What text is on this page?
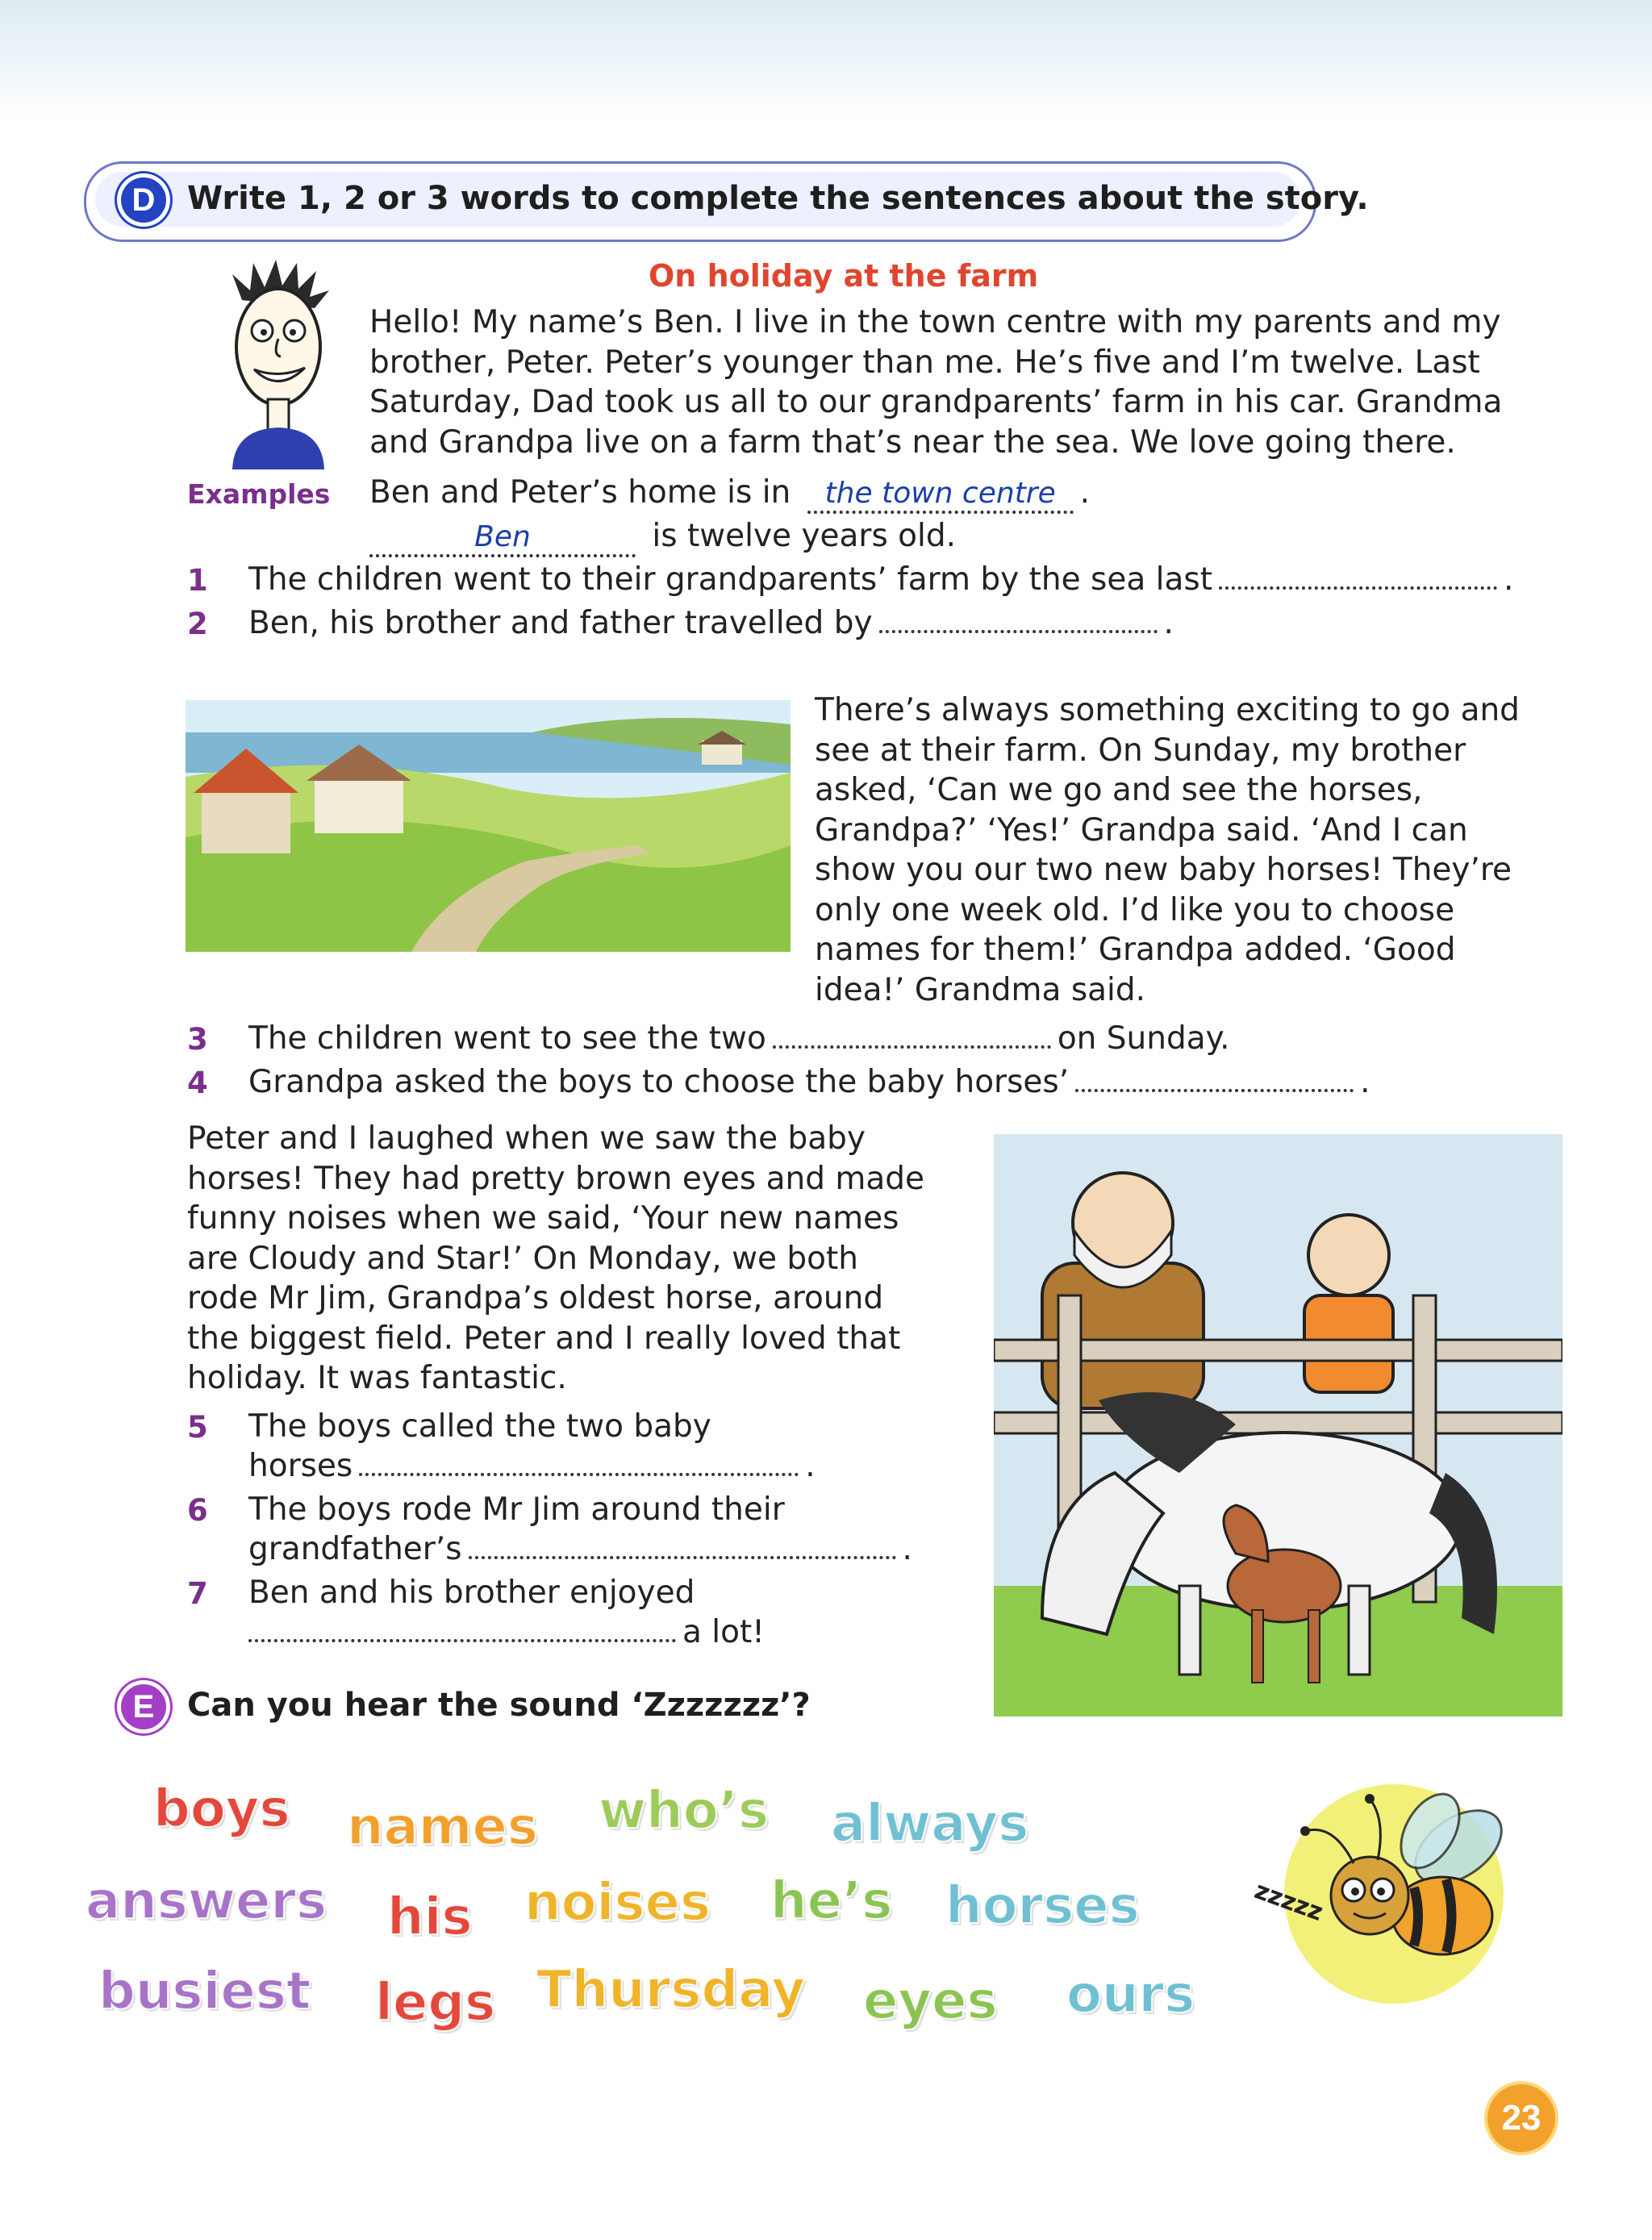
D Write 1, 2 or 3 words to complete the sentences about the story.
On holiday at the farm
Hello! My name’s Ben. I live in the town centre with my parents and my
brother, Peter. Peter’s younger than me. He’s five and I’m twelve. Last
Saturday, Dad took us all to our grandparents’ farm in his car. Grandma
and Grandpa live on a farm that’s near the sea. We love going there.
Examples Ben and Peter’s home is in the town centre .
Ben	is twelve years old.
1 The children went to their grandparents’ farm by the sea last	.
2 Ben, his brother and father travelled by	.
There’s always something exciting to go and
see at their farm. On Sunday, my brother
asked, ‘Can we go and see the horses,
Grandpa?’ ‘Yes!’ Grandpa said. ‘And I can
show you our two new baby horses! They’re
only one week old. I’d like you to choose
names for them!’ Grandpa added. ‘Good
idea!’ Grandma said.
3 The children went to see the two	on Sunday.
4 Grandpa asked the boys to choose the baby horses’	.
Peter and I laughed when we saw the baby
horses! They had pretty brown eyes and made
funny noises when we said, ‘Your new names
are Cloudy and Star!’ On Monday, we both
rode Mr Jim, Grandpa’s oldest horse, around
the biggest field. Peter and I really loved that
holiday. It was fantastic.
5 The boys called the two baby
horses	.
6 The boys rode Mr Jim around their
grandfather’s	.
7 Ben and his brother enjoyed
a lot!
E	Can you hear the sound ‘Zzzzzzz’?
boys names who’s always
answers his noises he’s horses
busiest legs Thursday eyes ours
zzzzz
23
